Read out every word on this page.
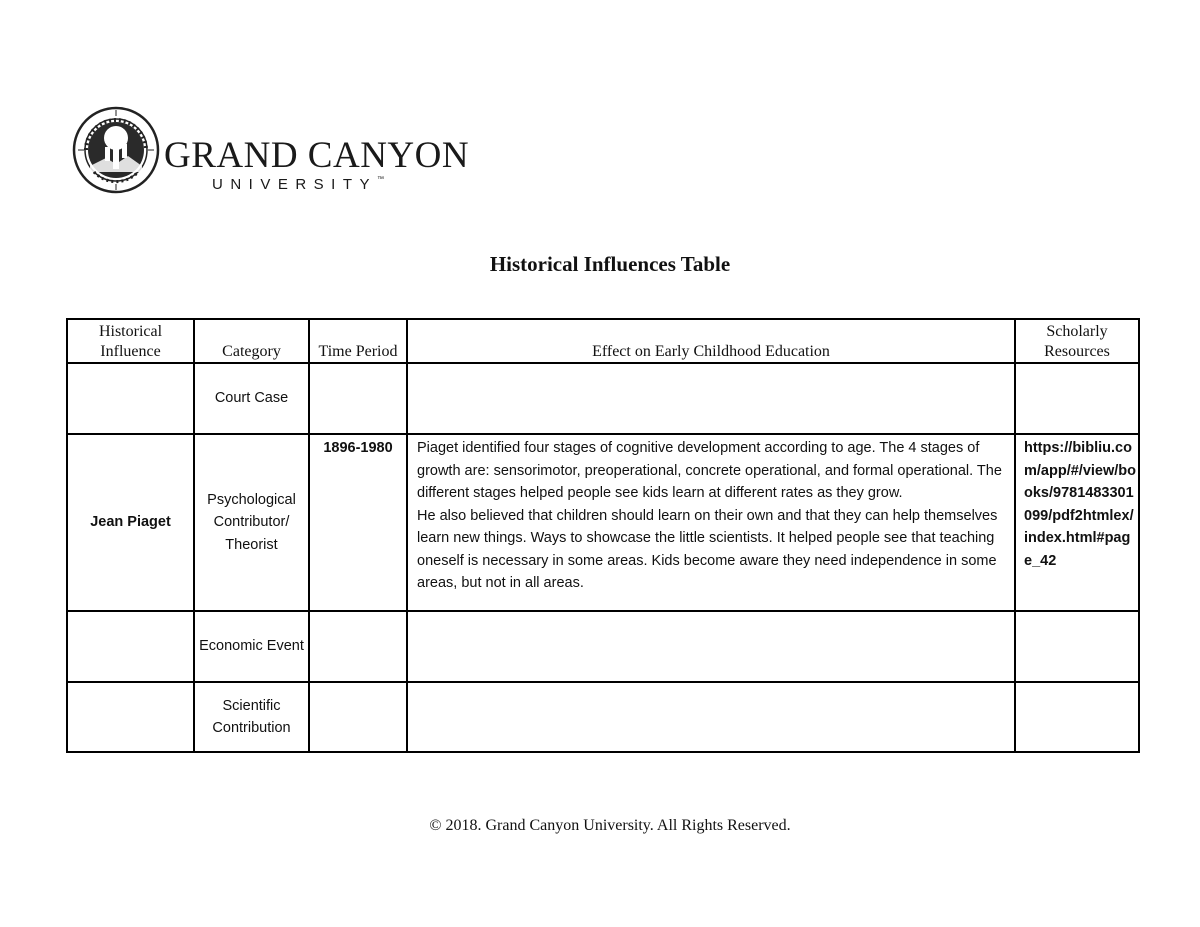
GRAND CANYON
UNIVERSITY™
Historical Influences Table
Historical Influence	Category	Time Period	Effect on Early Childhood Education	Scholarly Resources
	Court Case		

Jean Piaget	Psychological Contributor/ Theorist	1896-1980	Piaget identified four stages of cognitive development according to age. The 4 stages of growth are: sensorimotor, preoperational, concrete operational, and formal operational. The different stages helped people see kids learn at different rates as they grow.
He also believed that children should learn on their own and that they can help themselves learn new things. Ways to showcase the little scientists. It helped people see that teaching oneself is necessary in some areas. Kids become aware they need independence in some areas, but not in all areas.	https://bibliu.com/app/#/view/books/9781483301099/pdf2htmlex/index.html#page_42
	Economic Event		

	Scientific Contribution		

© 2018. Grand Canyon University. All Rights Reserved.
